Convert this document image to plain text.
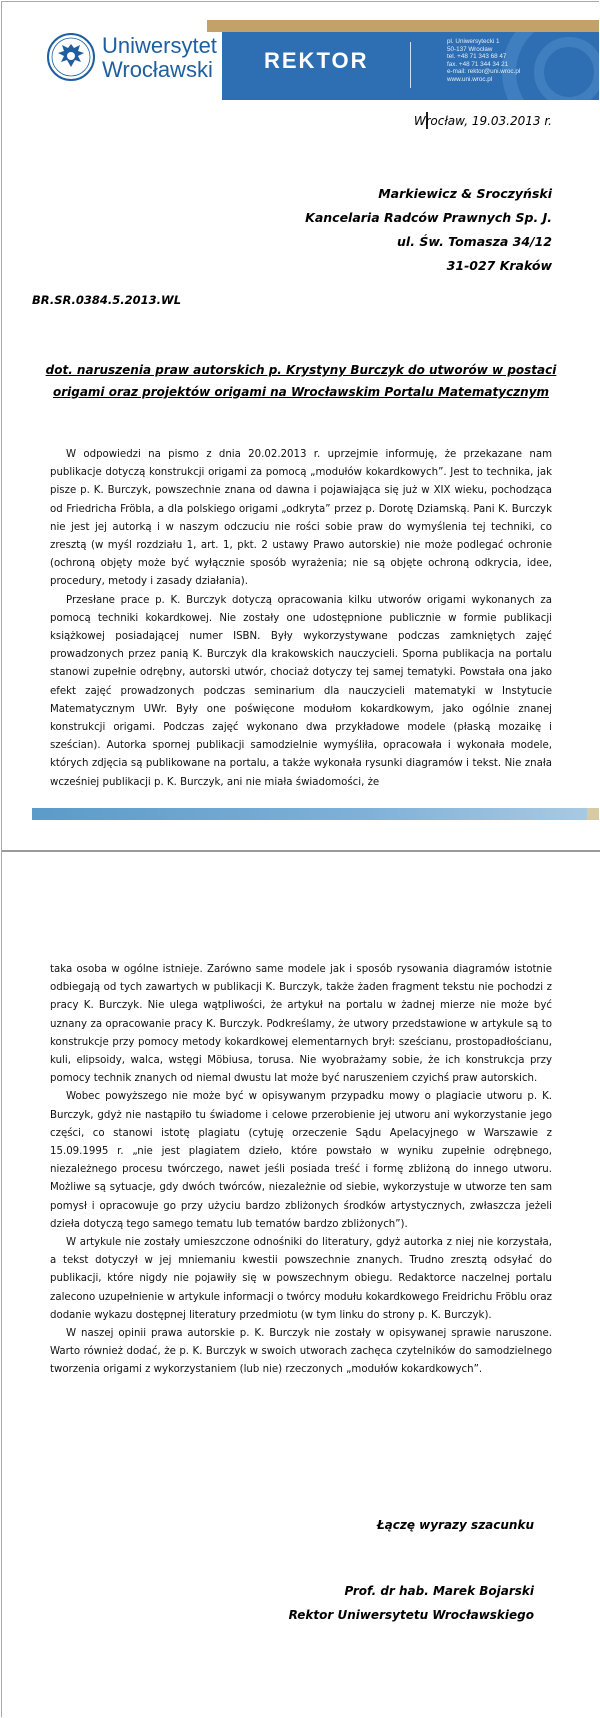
Uniwersytet
Wrocławski REKTOR
pl. Uniwersytecki 1
50-137 Wrocław
tel. +48 71 343 68 47
fax. +48 71 344 34 21
e-mail: rektor@uni.wroc.pl
www.uni.wroc.pl
Wrocław, 19.03.2013 r.
Markiewicz & Sroczyński
Kancelaria Radców Prawnych Sp. J.
ul. Św. Tomasza 34/12
31-027 Kraków
BR.SR.0384.5.2013.WL
dot. naruszenia praw autorskich p. Krystyny Burczyk do utworów w postaci origami oraz projektów origami na Wrocławskim Portalu Matematycznym

W odpowiedzi na pismo z dnia 20.02.2013 r. uprzejmie informuję, że przekazane nam publikacje dotyczą konstrukcji origami za pomocą „modułów kokardkowych”. Jest to technika, jak pisze p. K. Burczyk, powszechnie znana od dawna i pojawiająca się już w XIX wieku, pochodząca od Friedricha Fröbla, a dla polskiego origami „odkryta” przez p. Dorotę Dziamską. Pani K. Burczyk nie jest jej autorką i w naszym odczuciu nie rości sobie praw do wymyślenia tej techniki, co zresztą (w myśl rozdziału 1, art. 1, pkt. 2 ustawy Prawo autorskie) nie może podlegać ochronie (ochroną objęty może być wyłącznie sposób wyrażenia; nie są objęte ochroną odkrycia, idee, procedury, metody i zasady działania).

Przesłane prace p. K. Burczyk dotyczą opracowania kilku utworów origami wykonanych za pomocą techniki kokardkowej. Nie zostały one udostępnione publicznie w formie publikacji książkowej posiadającej numer ISBN. Były wykorzystywane podczas zamkniętych zajęć prowadzonych przez panią K. Burczyk dla krakowskich nauczycieli. Sporna publikacja na portalu stanowi zupełnie odrębny, autorski utwór, chociaż dotyczy tej samej tematyki. Powstała ona jako efekt zajęć prowadzonych podczas seminarium dla nauczycieli matematyki w Instytucie Matematycznym UWr. Były one poświęcone modułom kokardkowym, jako ogólnie znanej konstrukcji origami. Podczas zajęć wykonano dwa przykładowe modele (płaską mozaikę i sześcian). Autorka spornej publikacji samodzielnie wymyśliła, opracowała i wykonała modele, których zdjęcia są publikowane na portalu, a także wykonała rysunki diagramów i tekst. Nie znała wcześniej publikacji p. K. Burczyk, ani nie miała świadomości, że

taka osoba w ogólne istnieje. Zarówno same modele jak i sposób rysowania diagramów istotnie odbiegają od tych zawartych w publikacji K. Burczyk, także żaden fragment tekstu nie pochodzi z pracy K. Burczyk. Nie ulega wątpliwości, że artykuł na portalu w żadnej mierze nie może być uznany za opracowanie pracy K. Burczyk. Podkreślamy, że utwory przedstawione w artykule są to konstrukcje przy pomocy metody kokardkowej elementarnych brył: sześcianu, prostopadłościanu, kuli, elipsoidy, walca, wstęgi Möbiusa, torusa. Nie wyobrażamy sobie, że ich konstrukcja przy pomocy technik znanych od niemal dwustu lat może być naruszeniem czyichś praw autorskich.

Wobec powyższego nie może być w opisywanym przypadku mowy o plagiacie utworu p. K. Burczyk, gdyż nie nastąpiło tu świadome i celowe przerobienie jej utworu ani wykorzystanie jego części, co stanowi istotę plagiatu (cytuję orzeczenie Sądu Apelacyjnego w Warszawie z 15.09.1995 r. „nie jest plagiatem dzieło, które powstało w wyniku zupełnie odrębnego, niezależnego procesu twórczego, nawet jeśli posiada treść i formę zbliżoną do innego utworu. Możliwe są sytuacje, gdy dwóch twórców, niezależnie od siebie, wykorzystuje w utworze ten sam pomysł i opracowuje go przy użyciu bardzo zbliżonych środków artystycznych, zwłaszcza jeżeli dzieła dotyczą tego samego tematu lub tematów bardzo zbliżonych”).

W artykule nie zostały umieszczone odnośniki do literatury, gdyż autorka z niej nie korzystała, a tekst dotyczył w jej mniemaniu kwestii powszechnie znanych. Trudno zresztą odsyłać do publikacji, które nigdy nie pojawiły się w powszechnym obiegu. Redaktorce naczelnej portalu zalecono uzupełnienie w artykule informacji o twórcy modułu kokardkowego Freidrichu Fröblu oraz dodanie wykazu dostępnej literatury przedmiotu (w tym linku do strony p. K. Burczyk).

W naszej opinii prawa autorskie p. K. Burczyk nie zostały w opisywanej sprawie naruszone. Warto również dodać, że p. K. Burczyk w swoich utworach zachęca czytelników do samodzielnego tworzenia origami z wykorzystaniem (lub nie) rzeczonych „modułów kokardkowych”.

Łączę wyrazy szacunku
Prof. dr hab. Marek Bojarski
Rektor Uniwersytetu Wrocławskiego
